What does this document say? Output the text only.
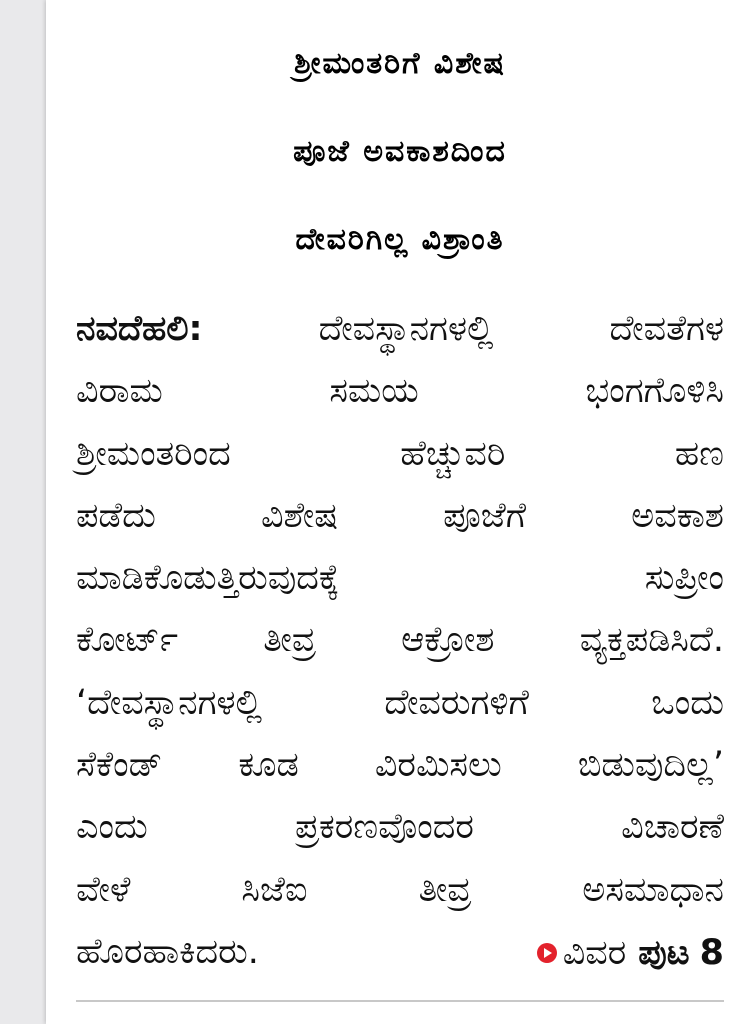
ಶ್ರೀಮಂತರಿಗೆ ವಿಶೇಷ
ಪೂಜೆ ಅವಕಾಶದಿಂದ
ದೇವರಿಗಿಲ್ಲ ವಿಶ್ರಾಂತಿ
ನವದೆಹಲಿ:	ದೇವಸ್ಥಾನಗಳಲ್ಲಿ	ದೇವತೆಗಳ
ವಿರಾಮ	ಸಮಯ	ಭಂಗಗೊಳಿಸಿ
ಶ್ರೀಮಂತರಿಂದ	ಹೆಚ್ಚುವರಿ	ಹಣ
ಪಡೆದು	ವಿಶೇಷ	ಪೂಜೆಗೆ	ಅವಕಾಶ
ಮಾಡಿಕೊಡುತ್ತಿರುವುದಕ್ಕೆ	ಸುಪ್ರೀಂ
ಕೋರ್ಟ್ ತೀವ್ರ ಆಕ್ರೋಶ ವ್ಯಕ್ತಪಡಿಸಿದೆ.
‘ದೇವಸ್ಥಾನಗಳಲ್ಲಿ	ದೇವರುಗಳಿಗೆ	ಒಂದು
ಸೆಕೆಂಡ್ ಕೂಡ ವಿರಮಿಸಲು ಬಿಡುವುದಿಲ್ಲ’
ಎಂದು	ಪ್ರಕರಣವೊಂದರ	ವಿಚಾರಣೆ
ವೇಳೆ	ಸಿಜೆಐ	ತೀವ್ರ	ಅಸಮಾಧಾನ
ಹೊರಹಾಕಿದರು.	ವಿವರ ಪುಟ 8
